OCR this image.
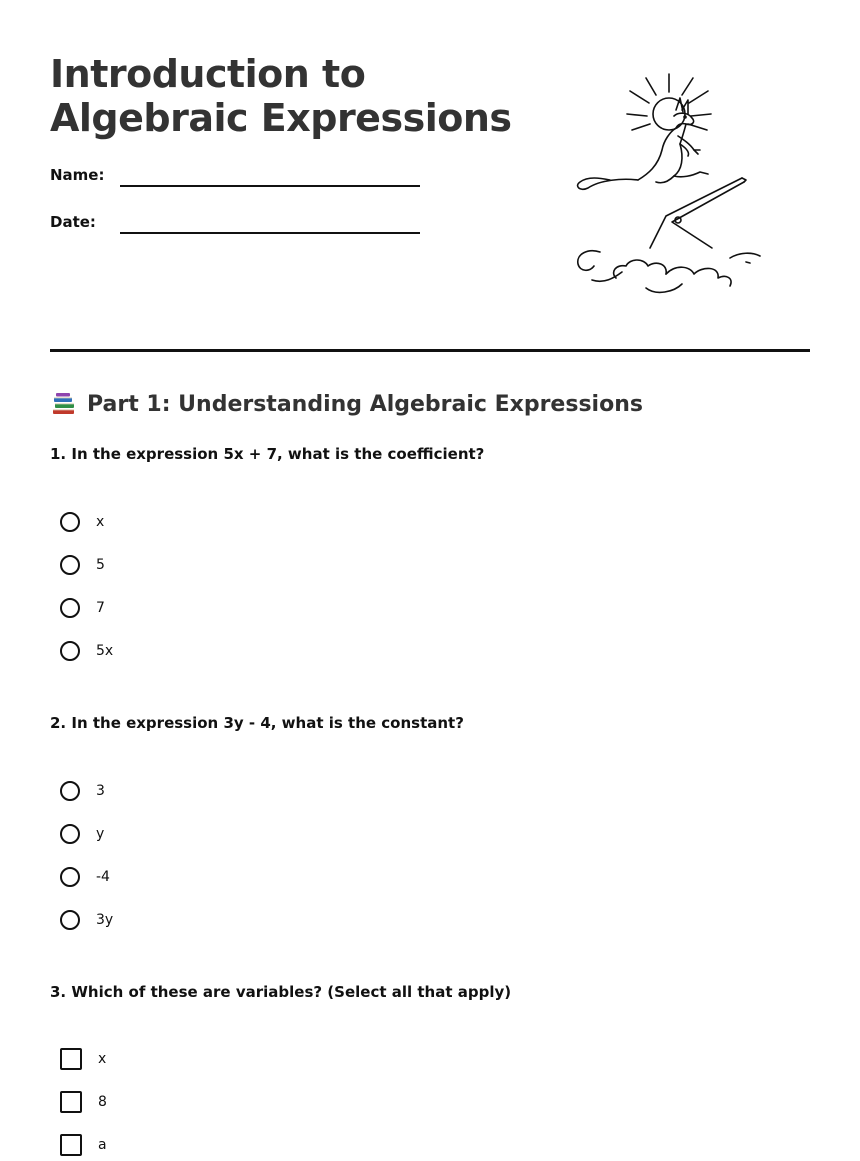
Introduction to
Algebraic Expressions
Name:
Date:
Part 1: Understanding Algebraic Expressions
1. In the expression 5x + 7, what is the coefficient?
x
5
7
5x
2. In the expression 3y - 4, what is the constant?
3
y
-4
3y
3. Which of these are variables? (Select all that apply)
x
8
a
